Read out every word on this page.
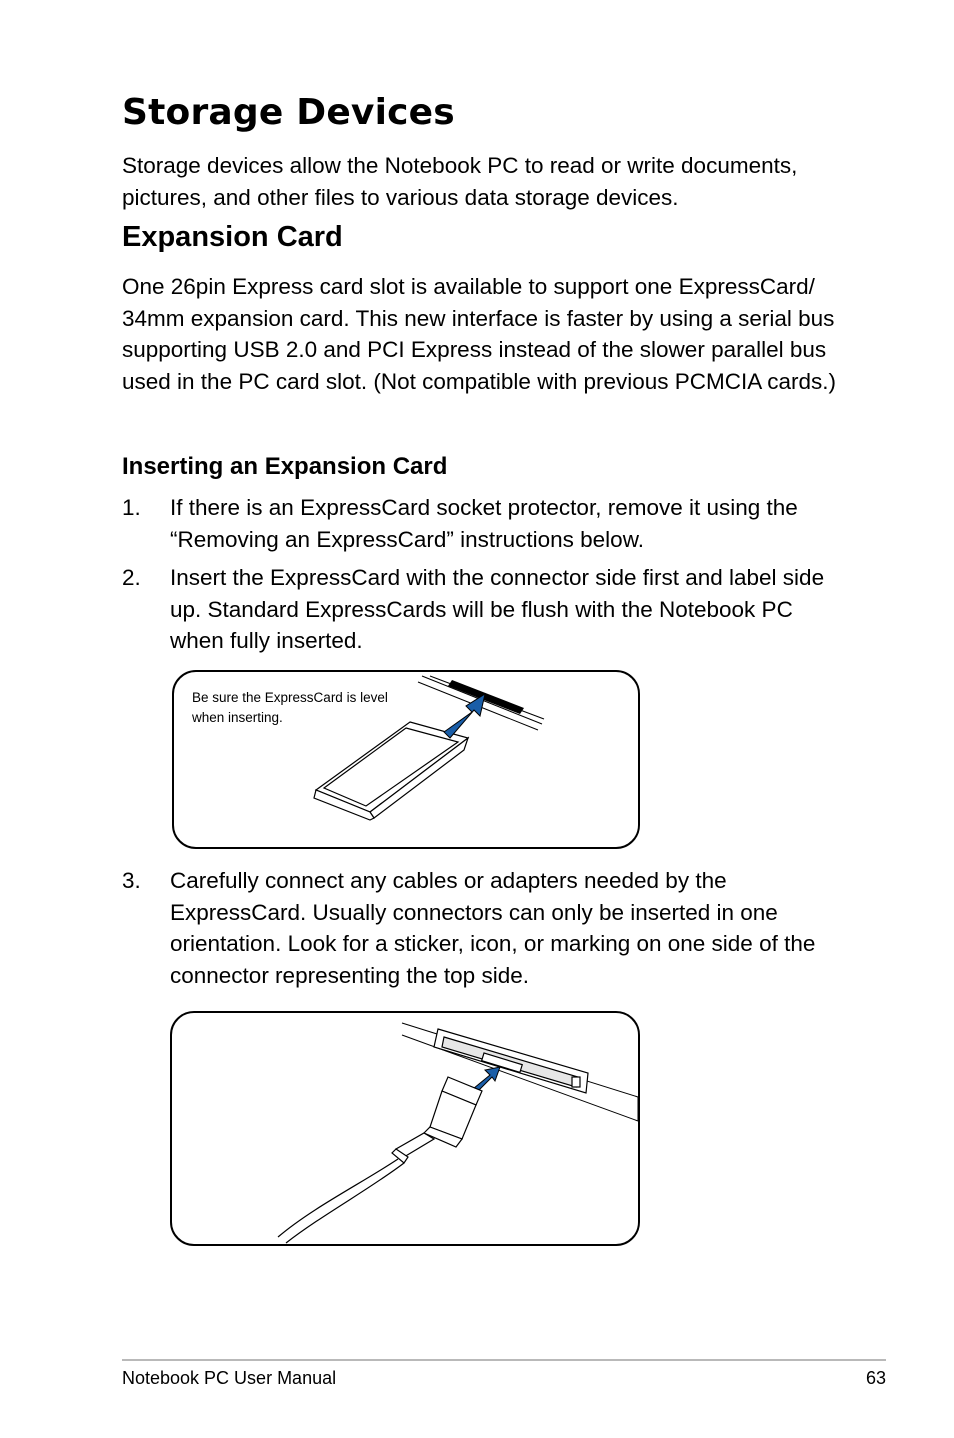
Storage Devices

Storage devices allow the Notebook PC to read or write documents, pictures, and other files to various data storage devices.

Expansion Card

One 26pin Express card slot is available to support one ExpressCard/ 34mm expansion card. This new interface is faster by using a serial bus supporting USB 2.0 and PCI Express instead of the slower parallel bus used in the PC card slot. (Not compatible with previous PCMCIA cards.)

Inserting an Expansion Card
1. If there is an ExpressCard socket protector, remove it using the “Removing an ExpressCard” instructions below.
2. Insert the ExpressCard with the connector side first and label side up. Standard ExpressCards will be flush with the Notebook PC when fully inserted.
Be sure the ExpressCard is level when inserting.
3. Carefully connect any cables or adapters needed by the ExpressCard. Usually connectors can only be inserted in one orientation. Look for a sticker, icon, or marking on one side of the connector representing the top side.
Notebook PC User Manual	63
